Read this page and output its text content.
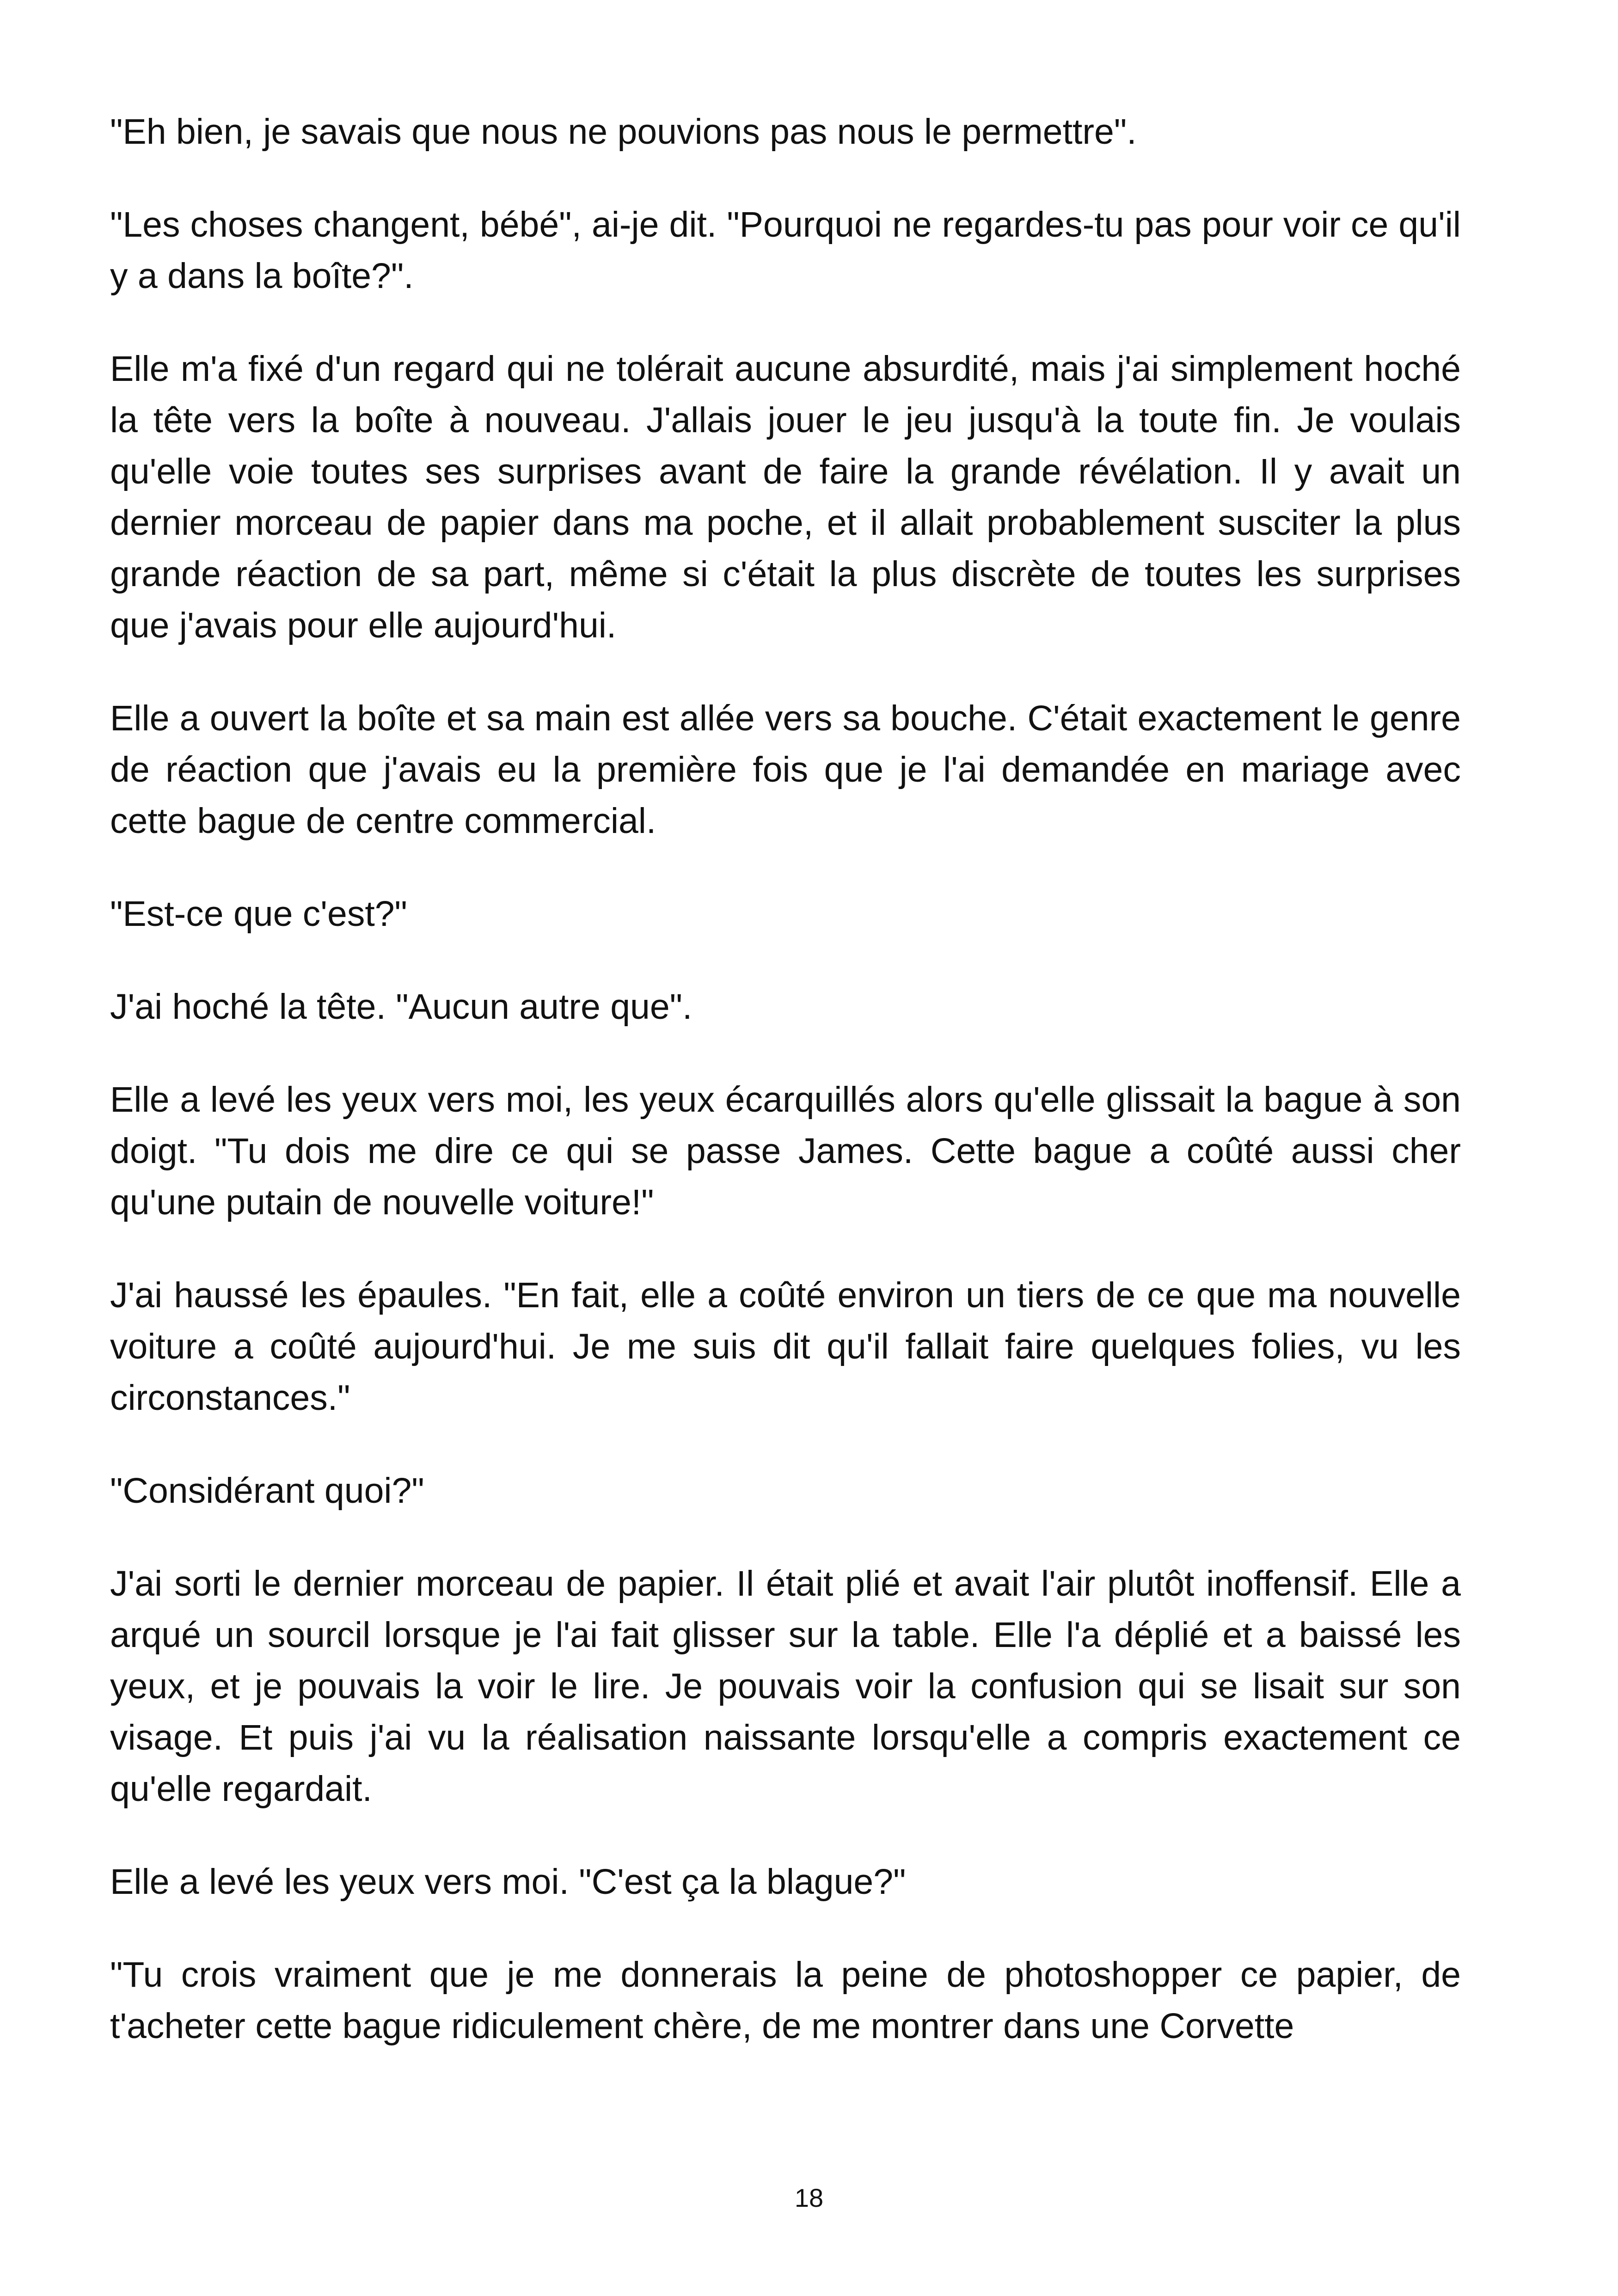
"Eh bien, je savais que nous ne pouvions pas nous le permettre".

"Les choses changent, bébé", ai-je dit. "Pourquoi ne regardes-tu pas pour voir ce qu'il y a dans la boîte?".

Elle m'a fixé d'un regard qui ne tolérait aucune absurdité, mais j'ai simplement hoché la tête vers la boîte à nouveau. J'allais jouer le jeu jusqu'à la toute fin. Je voulais qu'elle voie toutes ses surprises avant de faire la grande révélation. Il y avait un dernier morceau de papier dans ma poche, et il allait probablement susciter la plus grande réaction de sa part, même si c'était la plus discrète de toutes les surprises que j'avais pour elle aujourd'hui.

Elle a ouvert la boîte et sa main est allée vers sa bouche. C'était exactement le genre de réaction que j'avais eu la première fois que je l'ai demandée en mariage avec cette bague de centre commercial.

"Est-ce que c'est?"

J'ai hoché la tête. "Aucun autre que".

Elle a levé les yeux vers moi, les yeux écarquillés alors qu'elle glissait la bague à son doigt. "Tu dois me dire ce qui se passe James. Cette bague a coûté aussi cher qu'une putain de nouvelle voiture!"

J'ai haussé les épaules. "En fait, elle a coûté environ un tiers de ce que ma nouvelle voiture a coûté aujourd'hui. Je me suis dit qu'il fallait faire quelques folies, vu les circonstances."

"Considérant quoi?"

J'ai sorti le dernier morceau de papier. Il était plié et avait l'air plutôt inoffensif. Elle a arqué un sourcil lorsque je l'ai fait glisser sur la table. Elle l'a déplié et a baissé les yeux, et je pouvais la voir le lire. Je pouvais voir la confusion qui se lisait sur son visage. Et puis j'ai vu la réalisation naissante lorsqu'elle a compris exactement ce qu'elle regardait.

Elle a levé les yeux vers moi. "C'est ça la blague?"

"Tu crois vraiment que je me donnerais la peine de photoshopper ce papier, de t'acheter cette bague ridiculement chère, de me montrer dans une Corvette

18
